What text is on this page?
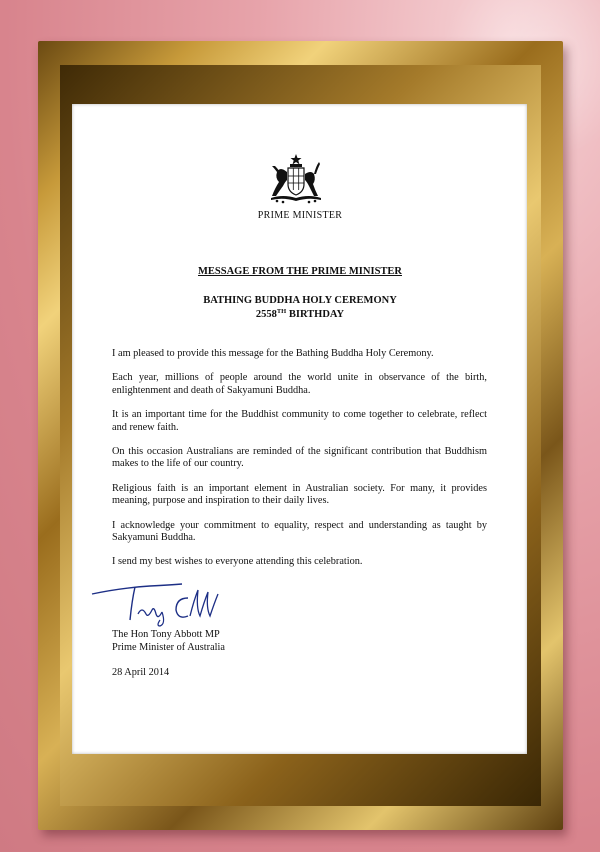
PRIME MINISTER
MESSAGE FROM THE PRIME MINISTER
BATHING BUDDHA HOLY CEREMONY
2558TH BIRTHDAY

I am pleased to provide this message for the Bathing Buddha Holy Ceremony.

Each year, millions of people around the world unite in observance of the birth, enlightenment and death of Sakyamuni Buddha.

It is an important time for the Buddhist community to come together to celebrate, reflect and renew faith.

On this occasion Australians are reminded of the significant contribution that Buddhism makes to the life of our country.

Religious faith is an important element in Australian society. For many, it provides meaning, purpose and inspiration to their daily lives.

I acknowledge your commitment to equality, respect and understanding as taught by Sakyamuni Buddha.

I send my best wishes to everyone attending this celebration.

The Hon Tony Abbott MP
Prime Minister of Australia
28 April 2014
